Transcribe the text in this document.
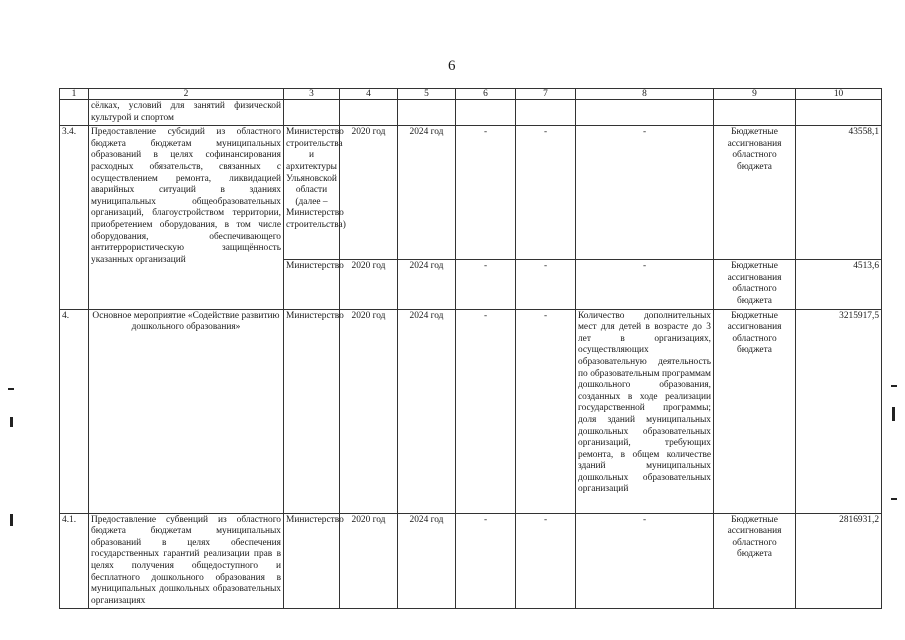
6
1	2	3	4	5	6	7	8	9	10
	сёлках, условий для занятий физической культурой и спортом								
3.4.	Предоставление субсидий из областного бюджета бюджетам муниципальных образований в целях софинансирования расходных обязательств, связанных с осуществлением ремонта, ликвидацией аварийных ситуаций в зданиях муниципальных общеобразовательных организаций, благоустройством территории, приобретением оборудования, в том числе оборудования, обеспечивающего антитеррористическую защищённость указанных организаций	Министерство строительства и архитектуры Ульяновской области (далее – Министерство строительства)	2020 год	2024 год	-	-	-	Бюджетные ассигнования областного бюджета	43558,1
		Министерство	2020 год	2024 год	-	-	-	Бюджетные ассигнования областного бюджета	4513,6
4.	Основное мероприятие «Содействие развитию дошкольного образования»	Министерство	2020 год	2024 год	-	-	Количество дополнительных мест для детей в возрасте до 3 лет в организациях, осуществляющих образовательную деятельность по образовательным программам дошкольного образования, созданных в ходе реализации государственной программы; доля зданий муниципальных дошкольных образовательных организаций, требующих ремонта, в общем количестве зданий муниципальных дошкольных образовательных организаций	Бюджетные ассигнования областного бюджета	3215917,5
4.1.	Предоставление субвенций из областного бюджета бюджетам муниципальных образований в целях обеспечения государственных гарантий реализации прав в целях получения общедоступного и бесплатного дошкольного образования в муниципальных дошкольных образовательных организациях	Министерство	2020 год	2024 год	-	-	-	Бюджетные ассигнования областного бюджета	2816931,2
